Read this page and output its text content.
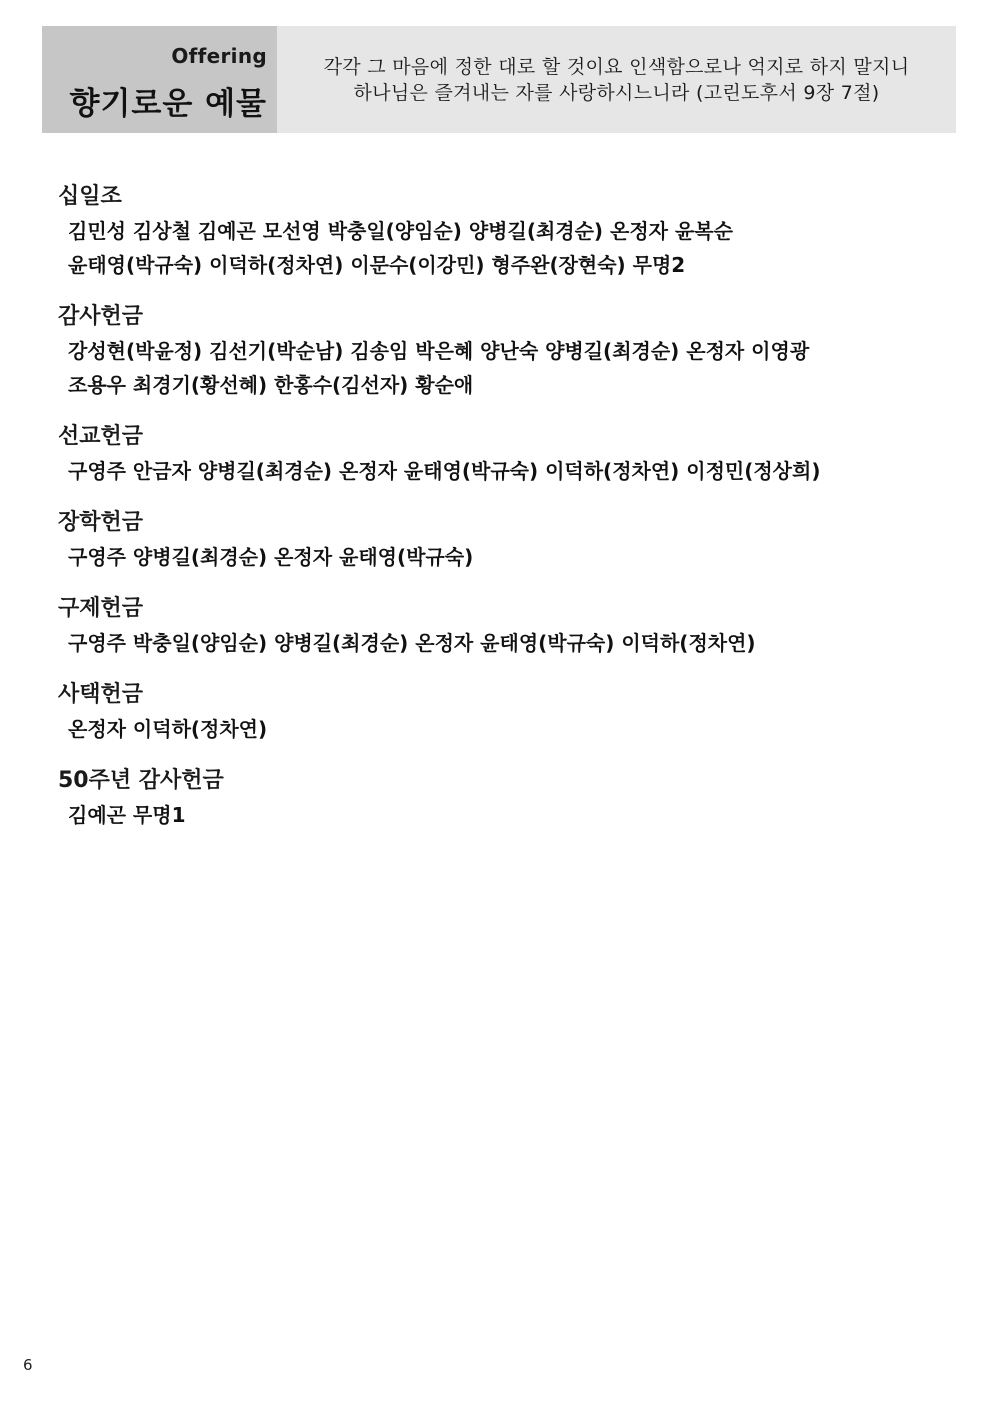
Offering
향기로운 예물
각각 그 마음에 정한 대로 할 것이요 인색함으로나 억지로 하지 말지니
하나님은 즐겨내는 자를 사랑하시느니라 (고린도후서 9장 7절)
십일조
김민성 김상철 김예곤 모선영 박충일(양임순) 양병길(최경순) 온정자 윤복순
윤태영(박규숙) 이덕하(정차연) 이문수(이강민) 형주완(장현숙) 무명2
감사헌금
강성현(박윤정) 김선기(박순남) 김송임 박은혜 양난숙 양병길(최경순) 온정자 이영광
조용우 최경기(황선혜) 한홍수(김선자) 황순애
선교헌금
구영주 안금자 양병길(최경순) 온정자 윤태영(박규숙) 이덕하(정차연) 이정민(정상희)
장학헌금
구영주 양병길(최경순) 온정자 윤태영(박규숙)
구제헌금
구영주 박충일(양임순) 양병길(최경순) 온정자 윤태영(박규숙) 이덕하(정차연)
사택헌금
온정자 이덕하(정차연)
50주년 감사헌금
김예곤 무명1
6
